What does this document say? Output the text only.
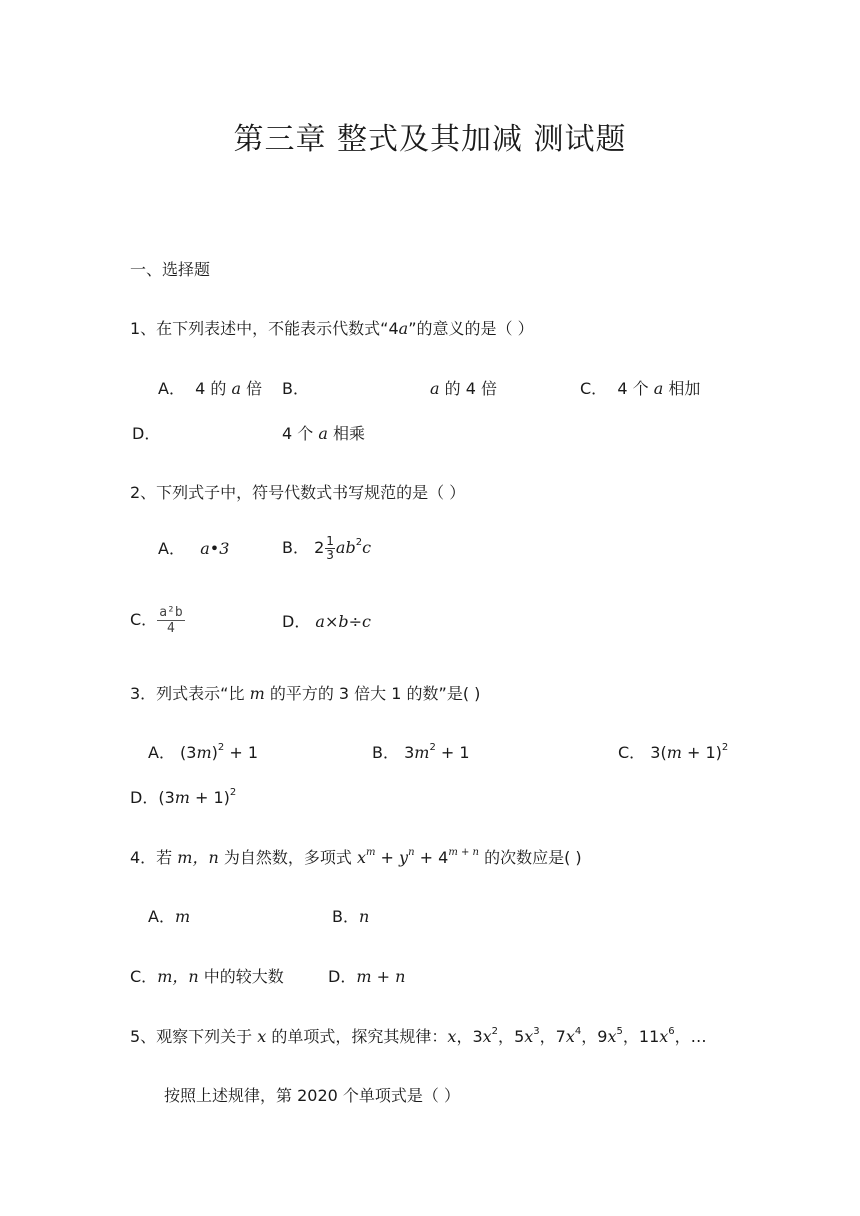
第三章 整式及其加减 测试题
一、选择题
1、在下列表述中，不能表示代数式“4a”的意义的是（ ）
A． 4 的 a 倍 B．	a 的 4 倍	C． 4 个 a 相加
D．	4 个 a 相乘
2、下列式子中，符号代数式书写规范的是（ ）
A． a•3	B． $2 \frac{1}{3} ab^2c$
C． $\frac{\text{a²b}}{4}$	D． a×b÷c
3．列式表示“比 m 的平方的 3 倍大 1 的数”是( )
A． $(3m)^2 + 1$	B． $3m^2 + 1$	C． $3(m + 1)^2$
D．$(3m + 1)^2$
4．若 m，n 为自然数，多项式 $x^m + y^n + 4^{m + n}$ 的次数应是( )
A．m	B．n
C．m，n 中的较大数	D．m + n
5、观察下列关于 x 的单项式，探究其规律：x，$3x^2$，$5x^3$，$7x^4$，$9x^5$，$11x^6$，…
按照上述规律，第 2020 个单项式是（ ）
